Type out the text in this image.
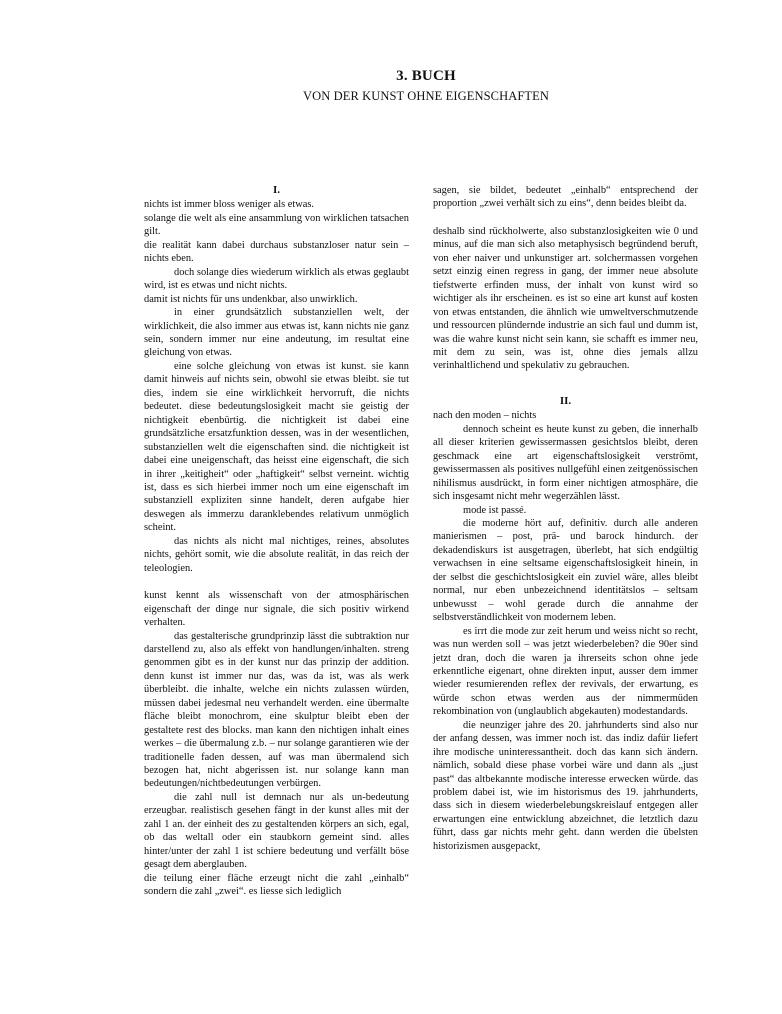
3. BUCH
VON DER KUNST OHNE EIGENSCHAFTEN
I.

nichts ist immer bloss weniger als etwas.

solange die welt als eine ansammlung von wirklichen tatsachen gilt.

die realität kann dabei durchaus substanzloser natur sein – nichts eben.

doch solange dies wiederum wirklich als etwas geglaubt wird, ist es etwas und nicht nichts.

damit ist nichts für uns undenkbar, also unwirklich.

in einer grundsätzlich substanziellen welt, der wirklichkeit, die also immer aus etwas ist, kann nichts nie ganz sein, sondern immer nur eine andeutung, im resultat eine gleichung von etwas.

eine solche gleichung von etwas ist kunst. sie kann damit hinweis auf nichts sein, obwohl sie etwas bleibt. sie tut dies, indem sie eine wirklichkeit hervorruft, die nichts bedeutet. diese bedeutungslosigkeit macht sie geistig der nichtigkeit ebenbürtig. die nichtigkeit ist dabei eine grundsätzliche ersatzfunktion dessen, was in der wesentlichen, substanziellen welt die eigenschaften sind. die nichtigkeit ist dabei eine uneigenschaft, das heisst eine eigenschaft, die sich in ihrer „keitigheit“ oder „haftigkeit“ selbst verneint. wichtig ist, dass es sich hierbei immer noch um eine eigenschaft im substanziell expliziten sinne handelt, deren aufgabe hier deswegen als immerzu daranklebendes relativum unmöglich scheint.

das nichts als nicht mal nichtiges, reines, absolutes nichts, gehört somit, wie die absolute realität, in das reich der teleologien.

kunst kennt als wissenschaft von der atmosphärischen eigenschaft der dinge nur signale, die sich positiv wirkend verhalten.

das gestalterische grundprinzip lässt die subtraktion nur darstellend zu, also als effekt von handlungen/inhalten. streng genommen gibt es in der kunst nur das prinzip der addition. denn kunst ist immer nur das, was da ist, was als werk überbleibt. die inhalte, welche ein nichts zulassen würden, müssen dabei jedesmal neu verhandelt werden. eine übermalte fläche bleibt monochrom, eine skulptur bleibt eben der gestaltete rest des blocks. man kann den nichtigen inhalt eines werkes – die übermalung z.b. – nur solange garantieren wie der traditionelle faden dessen, auf was man übermalend sich bezogen hat, nicht abgerissen ist. nur solange kann man bedeutungen/nichtbedeutungen verbürgen.

die zahl null ist demnach nur als un-bedeutung erzeugbar. realistisch gesehen fängt in der kunst alles mit der zahl 1 an. der einheit des zu gestaltenden körpers an sich, egal, ob das weltall oder ein staubkorn gemeint sind. alles hinter/unter der zahl 1 ist schiere bedeutung und verfällt böse gesagt dem aberglauben.

die teilung einer fläche erzeugt nicht die zahl „einhalb“ sondern die zahl „zwei“. es liesse sich lediglich

sagen, sie bildet, bedeutet „einhalb“ entsprechend der proportion „zwei verhält sich zu eins“, denn beides bleibt da.

deshalb sind rückholwerte, also substanzlosigkeiten wie 0 und minus, auf die man sich also metaphysisch begründend beruft, von eher naiver und unkunstiger art. solchermassen vorgehen setzt einzig einen regress in gang, der immer neue absolute tiefstwerte erfinden muss, der inhalt von kunst wird so wichtiger als ihr erscheinen. es ist so eine art kunst auf kosten von etwas entstanden, die ähnlich wie umweltverschmutzende und ressourcen plündernde industrie an sich faul und dumm ist, was die wahre kunst nicht sein kann, sie schafft es immer neu, mit dem zu sein, was ist, ohne dies jemals allzu verinhaltlichend und spekulativ zu gebrauchen.

II.

nach den moden – nichts

dennoch scheint es heute kunst zu geben, die innerhalb all dieser kriterien gewissermassen gesichtslos bleibt, deren geschmack eine art eigenschaftslosigkeit verströmt, gewissermassen als positives nullgefühl einen zeitgenössischen nihilismus ausdrückt, in form einer nichtigen atmosphäre, die sich insgesamt nicht mehr wegerzählen lässt.

mode ist passé.

die moderne hört auf, definitiv. durch alle anderen manierismen – post, prä- und barock hindurch. der dekadendiskurs ist ausgetragen, überlebt, hat sich endgültig verwachsen in eine seltsame eigenschaftslosigkeit hinein, in der selbst die geschichtslosigkeit ein zuviel wäre, alles bleibt normal, nur eben unbezeichnend identitätslos – seltsam unbewusst – wohl gerade durch die annahme der selbstverständlichkeit von modernem leben.

es irrt die mode zur zeit herum und weiss nicht so recht, was nun werden soll – was jetzt wiederbeleben? die 90er sind jetzt dran, doch die waren ja ihrerseits schon ohne jede erkenntliche eigenart, ohne direkten input, ausser dem immer wieder resumierenden reflex der revivals, der erwartung, es würde schon etwas werden aus der nimmermüden rekombination von (unglaublich abgekauten) modestandards.

die neunziger jahre des 20. jahrhunderts sind also nur der anfang dessen, was immer noch ist. das indiz dafür liefert ihre modische uninteressantheit. doch das kann sich ändern. nämlich, sobald diese phase vorbei wäre und dann als „just past“ das altbekannte modische interesse erwecken würde. das problem dabei ist, wie im historismus des 19. jahrhunderts, dass sich in diesem wiederbelebungskreislauf entgegen aller erwartungen eine entwicklung abzeichnet, die letztlich dazu führt, dass gar nichts mehr geht. dann werden die übelsten historizismen ausgepackt,
